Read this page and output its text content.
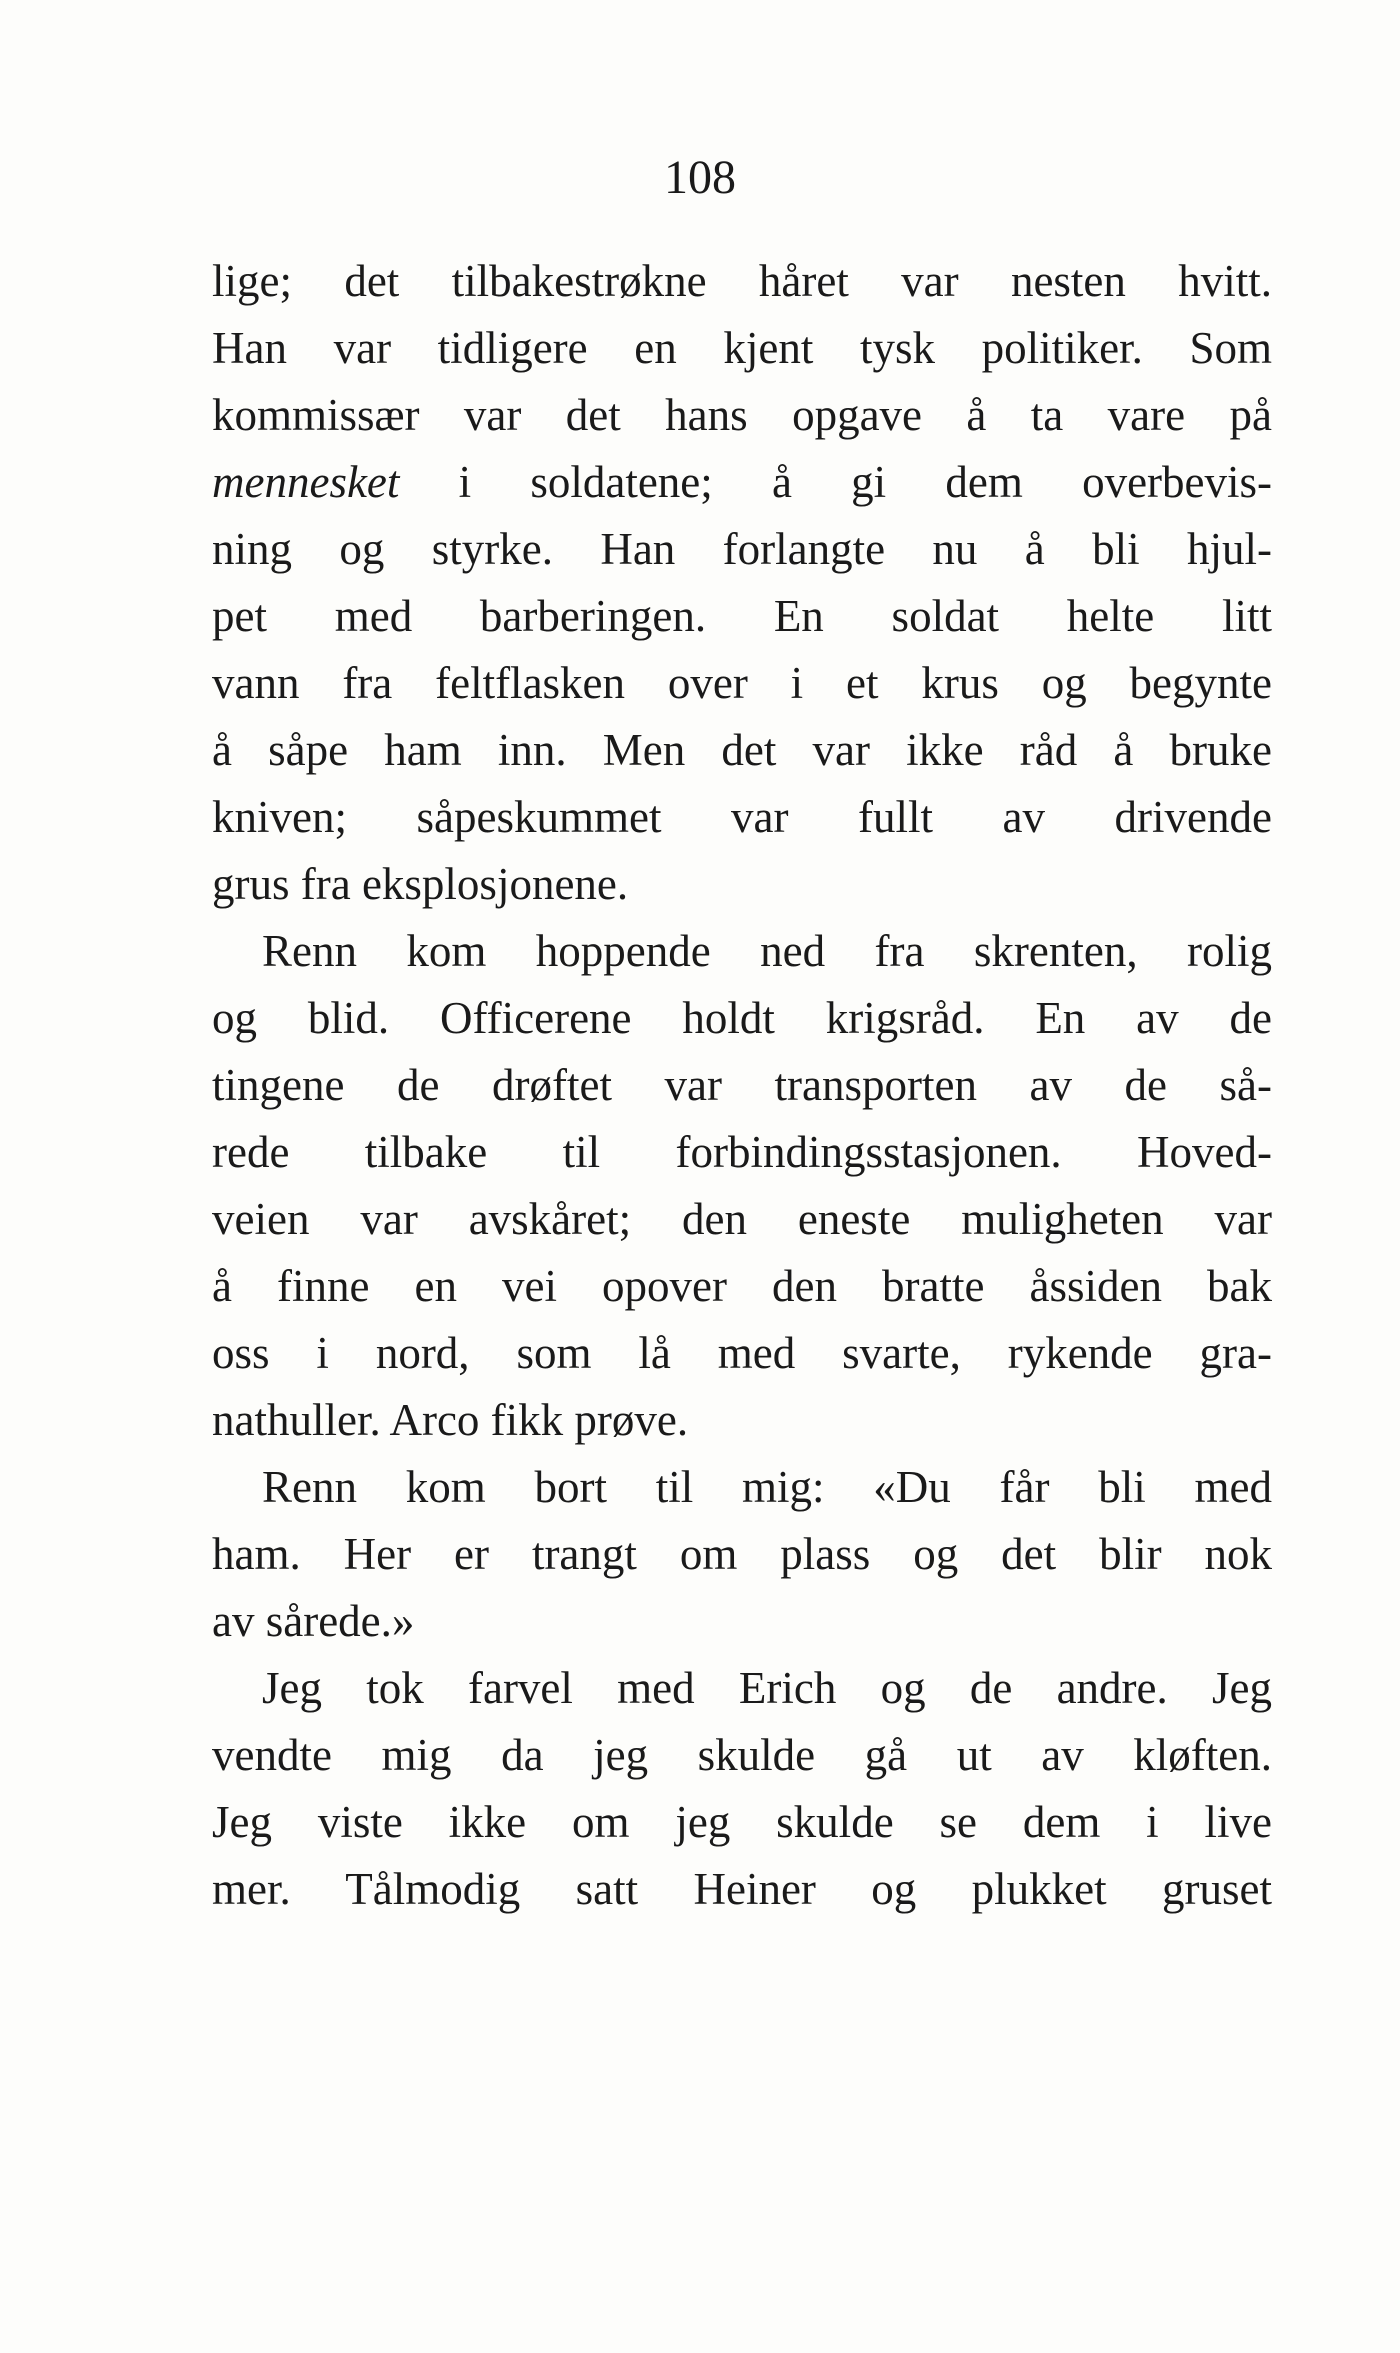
108
lige; det tilbakestrøkne håret var nesten hvitt.
Han var tidligere en kjent tysk politiker. Som
kommissær var det hans opgave å ta vare på
mennesket i soldatene; å gi dem overbevis-
ning og styrke. Han forlangte nu å bli hjul-
pet med barberingen. En soldat helte litt
vann fra feltflasken over i et krus og begynte
å såpe ham inn. Men det var ikke råd å bruke
kniven; såpeskummet var fullt av drivende
grus fra eksplosjonene.
Renn kom hoppende ned fra skrenten, rolig
og blid. Officerene holdt krigsråd. En av de
tingene de drøftet var transporten av de så-
rede tilbake til forbindingsstasjonen. Hoved-
veien var avskåret; den eneste muligheten var
å finne en vei opover den bratte åssiden bak
oss i nord, som lå med svarte, rykende gra-
nathuller. Arco fikk prøve.
Renn kom bort til mig: «Du får bli med
ham. Her er trangt om plass og det blir nok
av sårede.»
Jeg tok farvel med Erich og de andre. Jeg
vendte mig da jeg skulde gå ut av kløften.
Jeg viste ikke om jeg skulde se dem i live
mer. Tålmodig satt Heiner og plukket gruset
